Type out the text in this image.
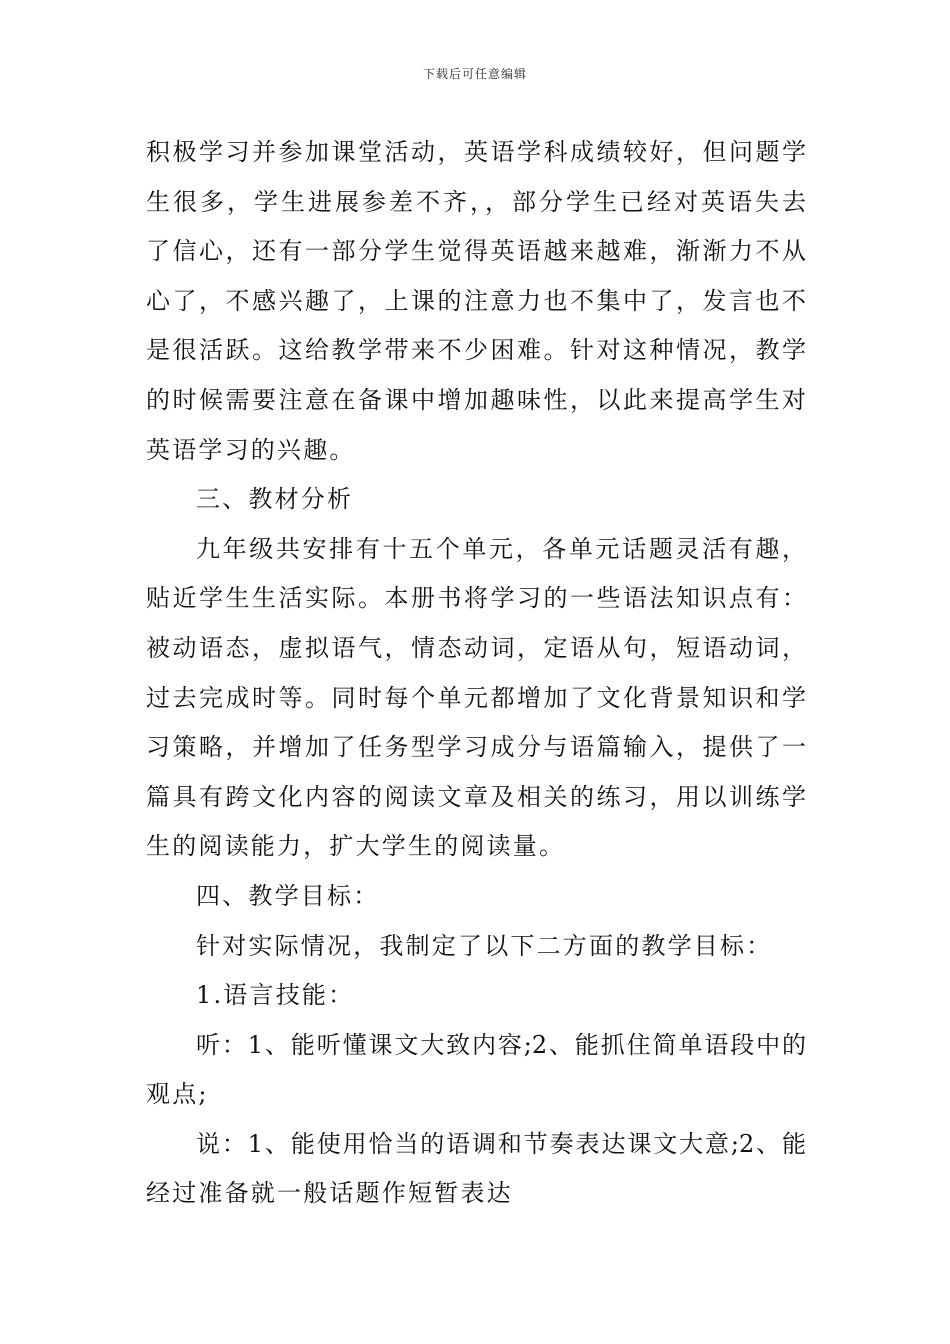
下载后可任意编辑
积极学习并参加课堂活动，英语学科成绩较好，但问题学
生很多，学生进展参差不齐，，部分学生已经对英语失去
了信心，还有一部分学生觉得英语越来越难，渐渐力不从
心了，不感兴趣了，上课的注意力也不集中了，发言也不
是很活跃。这给教学带来不少困难。针对这种情况，教学
的时候需要注意在备课中增加趣味性，以此来提高学生对
英语学习的兴趣。
三、教材分析
九年级共安排有十五个单元，各单元话题灵活有趣，
贴近学生生活实际。本册书将学习的一些语法知识点有：
被动语态，虚拟语气，情态动词，定语从句，短语动词，
过去完成时等。同时每个单元都增加了文化背景知识和学
习策略，并增加了任务型学习成分与语篇输入，提供了一
篇具有跨文化内容的阅读文章及相关的练习，用以训练学
生的阅读能力，扩大学生的阅读量。
四、教学目标：
针对实际情况，我制定了以下二方面的教学目标：
1.语言技能：
听：1、能听懂课文大致内容;2、能抓住简单语段中的
观点;
说：1、能使用恰当的语调和节奏表达课文大意;2、能
经过准备就一般话题作短暂表达
